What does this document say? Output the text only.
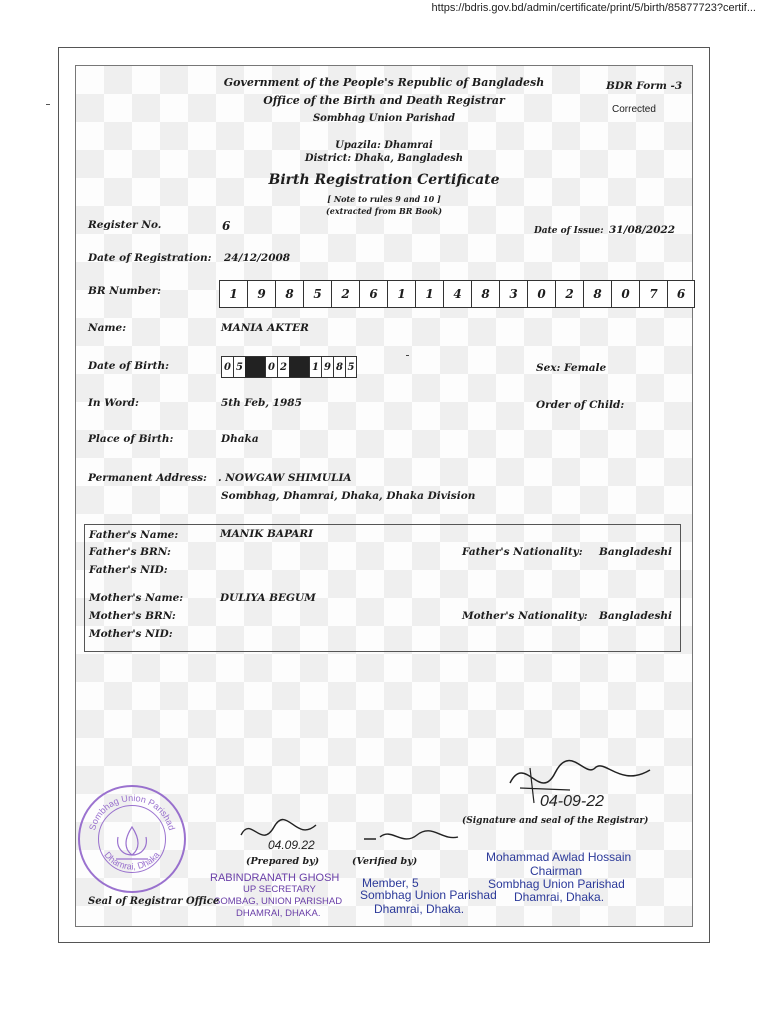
https://bdris.gov.bd/admin/certificate/print/5/birth/85877723?certif...
Government of the People's Republic of Bangladesh
Office of the Birth and Death Registrar
Sombhag Union Parishad
Upazila: Dhamrai
District: Dhaka, Bangladesh
Birth Registration Certificate
[ Note to rules 9 and 10 ]
(extracted from BR Book)
BDR Form -3
Corrected
Register No.	6	Date of Issue: 31/08/2022
Date of Registration: 24/12/2008
BR Number:	1	9	8	5	2	6	1	1	4	8	3	0	2	8	0	7	6
Name:	MANIA AKTER
Date of Birth:	0 5	0 2	1 9 8 5	Sex: Female
In Word:	5th Feb, 1985	Order of Child:
Place of Birth:	Dhaka
Permanent Address: . NOWGAW SHIMULIA
Sombhag, Dhamrai, Dhaka, Dhaka Division
Father's Name:	MANIK BAPARI
Father's BRN:
Father's NID:
Father's Nationality: Bangladeshi
Mother's Name:	DULIYA BEGUM
Mother's BRN:
Mother's NID:
Mother's Nationality: Bangladeshi
04-09-22
(Signature and seal of the Registrar)
Mohammad Awlad Hossain
Chairman
Sombhag Union Parishad
Dhamrai, Dhaka.
04.09.22
(Prepared by)	(Verified by)
RABINDRANATH GHOSH
UP SECRETARY
SOMBAG, UNION PARISHAD
DHAMRAI, DHAKA.
Member, 5
Sombhag Union Parishad
Dhamrai, Dhaka.
Sombhag Union Parishad
Dhamrai, Dhaka
Seal of Registrar Office
